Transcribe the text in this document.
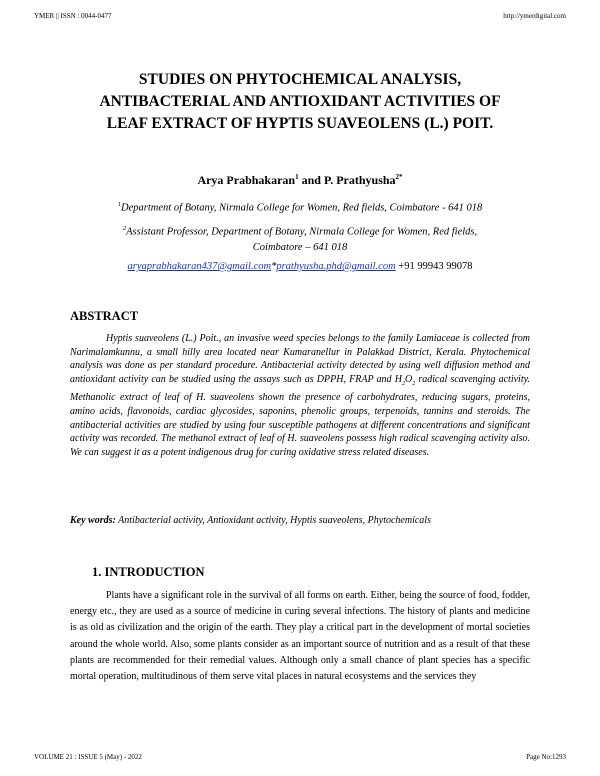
YMER || ISSN : 0044-0477	http://ymerdigital.com
STUDIES ON PHYTOCHEMICAL ANALYSIS,
ANTIBACTERIAL AND ANTIOXIDANT ACTIVITIES OF
LEAF EXTRACT OF HYPTIS SUAVEOLENS (L.) POIT.
Arya Prabhakaran$^1$ and P. Prathyusha$^{2*}$
$^1$Department of Botany, Nirmala College for Women, Red fields, Coimbatore - 641 018
$^2$Assistant Professor, Department of Botany, Nirmala College for Women, Red fields,
Coimbatore – 641 018
aryaprabhakaran437@gmail.com*prathyusha.phd@gmail.com +91 99943 99078
ABSTRACT

Hyptis suaveolens (L.) Poit., an invasive weed species belongs to the family Lamiaceae is collected from Narimalamkunnu, a small hilly area located near Kumaranellur in Palakkad District, Kerala. Phytochemical analysis was done as per standard procedure. Antibacterial activity detected by using well diffusion method and antioxidant activity can be studied using the assays such as DPPH, FRAP and $H_2O_2$ radical scavenging activity. Methanolic extract of leaf of H. suaveolens shown the presence of carbohydrates, reducing sugars, proteins, amino acids, flavonoids, cardiac glycosides, saponins, phenolic groups, terpenoids, tannins and steroids. The antibacterial activities are studied by using four susceptible pathogens at different concentrations and significant activity was recorded. The methanol extract of leaf of H. suaveolens possess high radical scavenging activity also. We can suggest it as a potent indigenous drug for curing oxidative stress related diseases.

Key words: Antibacterial activity, Antioxidant activity, Hyptis suaveolens, Phytochemicals
1. INTRODUCTION

Plants have a significant role in the survival of all forms on earth. Either, being the source of food, fodder, energy etc., they are used as a source of medicine in curing several infections. The history of plants and medicine is as old as civilization and the origin of the earth. They play a critical part in the development of mortal societies around the whole world. Also, some plants consider as an important source of nutrition and as a result of that these plants are recommended for their remedial values. Although only a small chance of plant species has a specific mortal operation, multitudinous of them serve vital places in natural ecosystems and the services they

VOLUME 21 : ISSUE 5 (May) - 2022	Page No:1293
